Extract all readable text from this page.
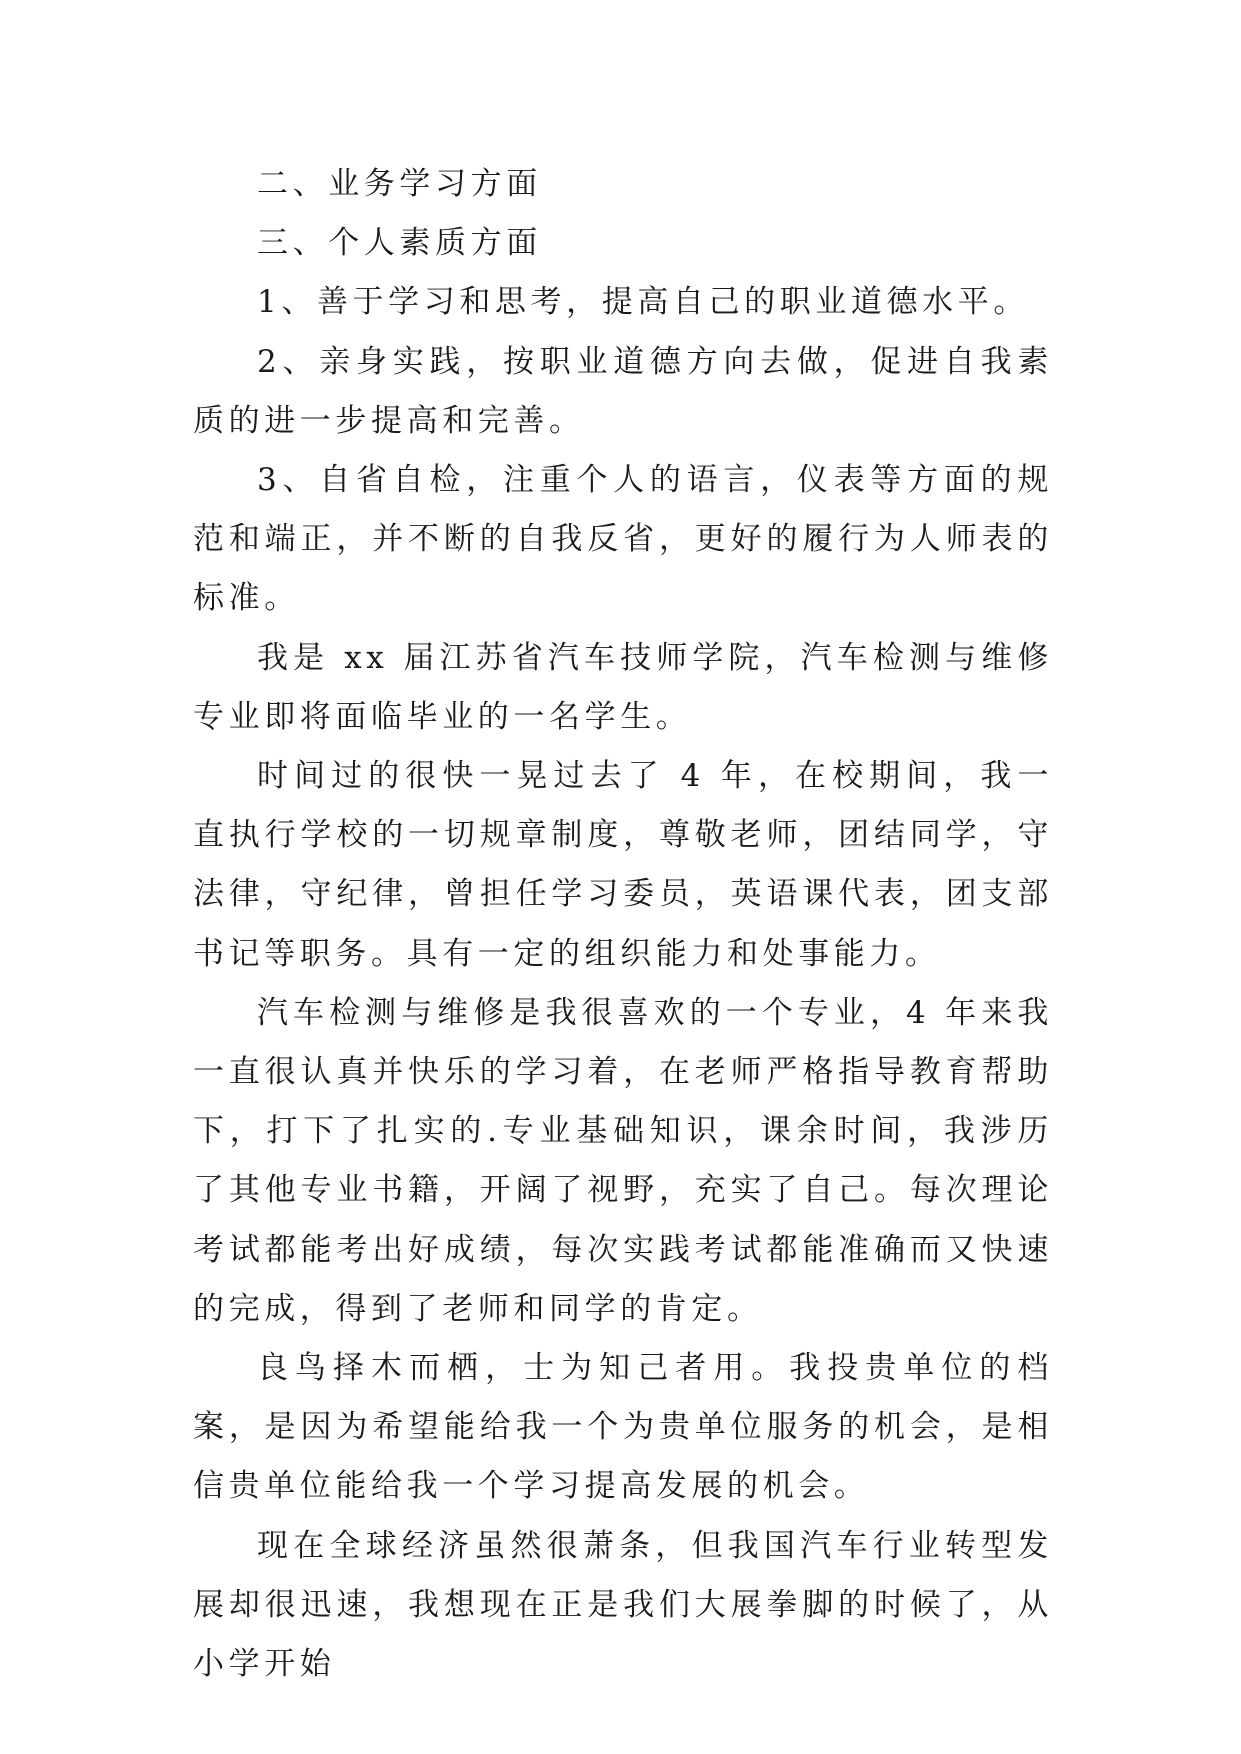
二、业务学习方面

三、个人素质方面

1、善于学习和思考，提高自己的职业道德水平。

2、亲身实践，按职业道德方向去做，促进自我素质的进一步提高和完善。

3、自省自检，注重个人的语言，仪表等方面的规范和端正，并不断的自我反省，更好的履行为人师表的标准。

我是 xx 届江苏省汽车技师学院，汽车检测与维修专业即将面临毕业的一名学生。

时间过的很快一晃过去了 4 年，在校期间，我一直执行学校的一切规章制度，尊敬老师，团结同学，守法律，守纪律，曾担任学习委员，英语课代表，团支部书记等职务。具有一定的组织能力和处事能力。

汽车检测与维修是我很喜欢的一个专业，4 年来我一直很认真并快乐的学习着，在老师严格指导教育帮助下，打下了扎实的.专业基础知识，课余时间，我涉历了其他专业书籍，开阔了视野，充实了自己。每次理论考试都能考出好成绩，每次实践考试都能准确而又快速的完成，得到了老师和同学的肯定。

良鸟择木而栖，士为知己者用。我投贵单位的档案，是因为希望能给我一个为贵单位服务的机会，是相信贵单位能给我一个学习提高发展的机会。

现在全球经济虽然很萧条，但我国汽车行业转型发展却很迅速，我想现在正是我们大展拳脚的时候了，从小学开始
